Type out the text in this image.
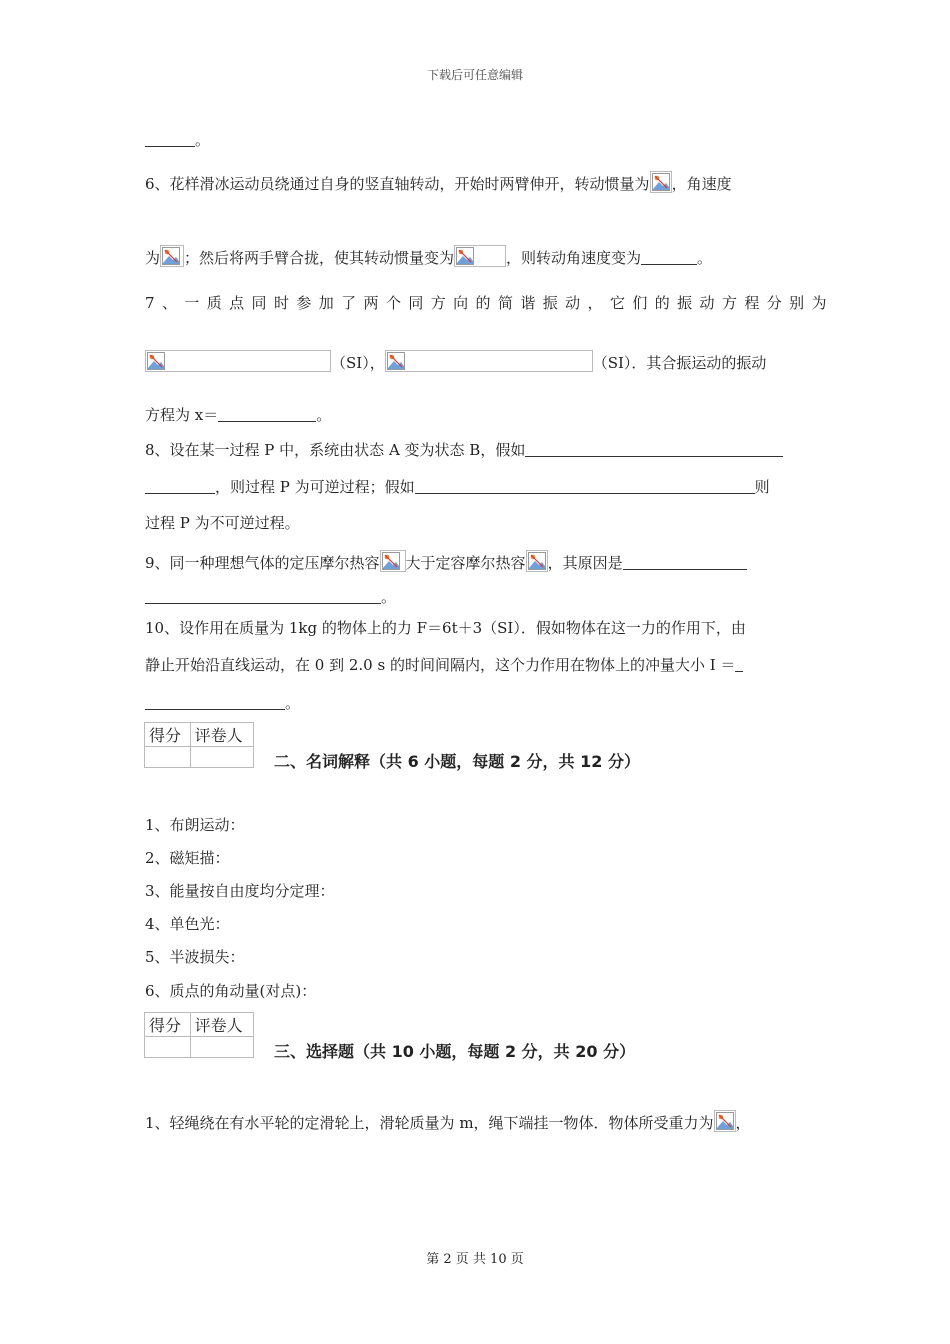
下载后可任意编辑
第 2 页 共 10 页
。
6、花样滑冰运动员绕通过自身的竖直轴转动，开始时两臂伸开，转动惯量为 ，角速度
为 ；然后将两手臂合拢，使其转动惯量变为	，则转动角速度变为	。
7、一质点同时参加了两个同方向的简谐振动，它们的振动方程分别为
（SI），	（SI）．其合振运动的振动
方程为 x＝	。
8、设在某一过程 P 中，系统由状态 A 变为状态 B，假如
，则过程 P 为可逆过程；假如	则
过程 P 为不可逆过程。
9、同一种理想气体的定压摩尔热容 大于定容摩尔热容 ，其原因是
。
10、设作用在质量为 1kg 的物体上的力 F＝6t＋3（SI）．假如物体在这一力的作用下，由
静止开始沿直线运动，在 0 到 2.0 s 的时间间隔内，这个力作用在物体上的冲量大小 I ＝
。
得分	评卷人

二、名词解释（共 6 小题，每题 2 分，共 12 分）
1、布朗运动：
2、磁矩描：
3、能量按自由度均分定理：
4、单色光：
5、半波损失：
6、质点的角动量(对点)：
得分	评卷人

三、选择题（共 10 小题，每题 2 分，共 20 分）
1、轻绳绕在有水平轮的定滑轮上，滑轮质量为 m，绳下端挂一物体．物体所受重力为 ，
